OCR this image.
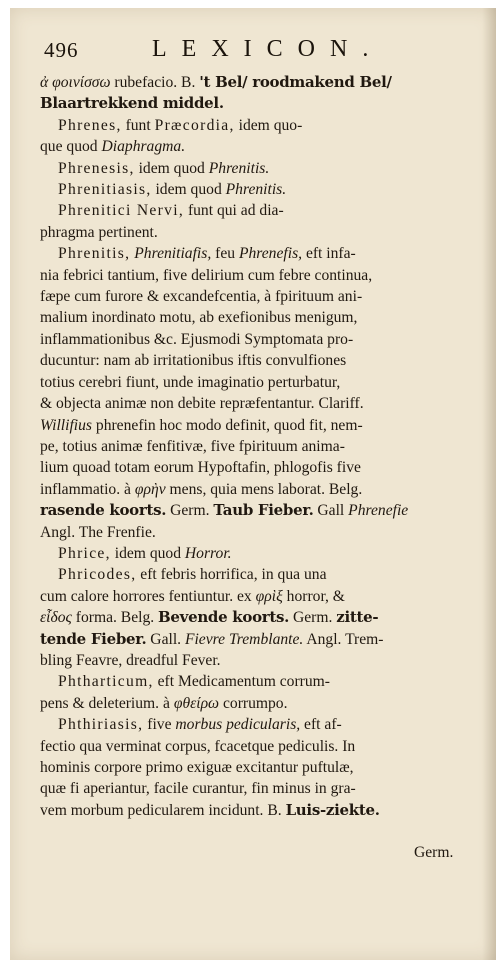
496	LEXICON.
ἀ φοινίσσω rubefacio. B. 't Bel/ roodmakend Bel/
Blaartrekkend middel.
Phrenes, funt Præcordia, idem quo-
que quod Diaphragma.
Phrenesis, idem quod Phrenitis.
Phrenitiasis, idem quod Phrenitis.
Phrenitici Nervi, funt qui ad dia-
phragma pertinent.
Phrenitis, Phrenitiafis, feu Phrenefis, eft infa-
nia febrici tantium, five delirium cum febre continua,
fæpe cum furore & excandefcentia, à fpirituum ani-
malium inordinato motu, ab exefionibus menigum,
inflammationibus &c. Ejusmodi Symptomata pro-
ducuntur: nam ab irritationibus iftis convulfiones
totius cerebri fiunt, unde imaginatio perturbatur,
& objecta animæ non debite repræfentantur. Clariff.
Willifius phrenefin hoc modo definit, quod fit, nem-
pe, totius animæ fenfitivæ, five fpirituum anima-
lium quoad totam eorum Hypoftafin, phlogofis five
inflammatio. à φρὴν mens, quia mens laborat. Belg.
rasende koorts. Germ. Taub Fieber. Gall Phrenefie
Angl. The Frenfie.
Phrice, idem quod Horror.
Phricodes, eft febris horrifica, in qua una
cum calore horrores fentiuntur. ex φρὶξ horror, &
εἶδος forma. Belg. Bevende koorts. Germ. zitte-
tende Fieber. Gall. Fievre Tremblante. Angl. Trem-
bling Feavre, dreadful Fever.
Phtharticum, eft Medicamentum corrum-
pens & deleterium. à φθείρω corrumpo.
Phthiriasis, five morbus pedicularis, eft af-
fectio qua verminat corpus, fcacetque pediculis. In
hominis corpore primo exiguæ excitantur puftulæ,
quæ fi aperiantur, facile curantur, fin minus in gra-
vem morbum pedicularem incidunt. B. Luis-ziekte.
Germ.
